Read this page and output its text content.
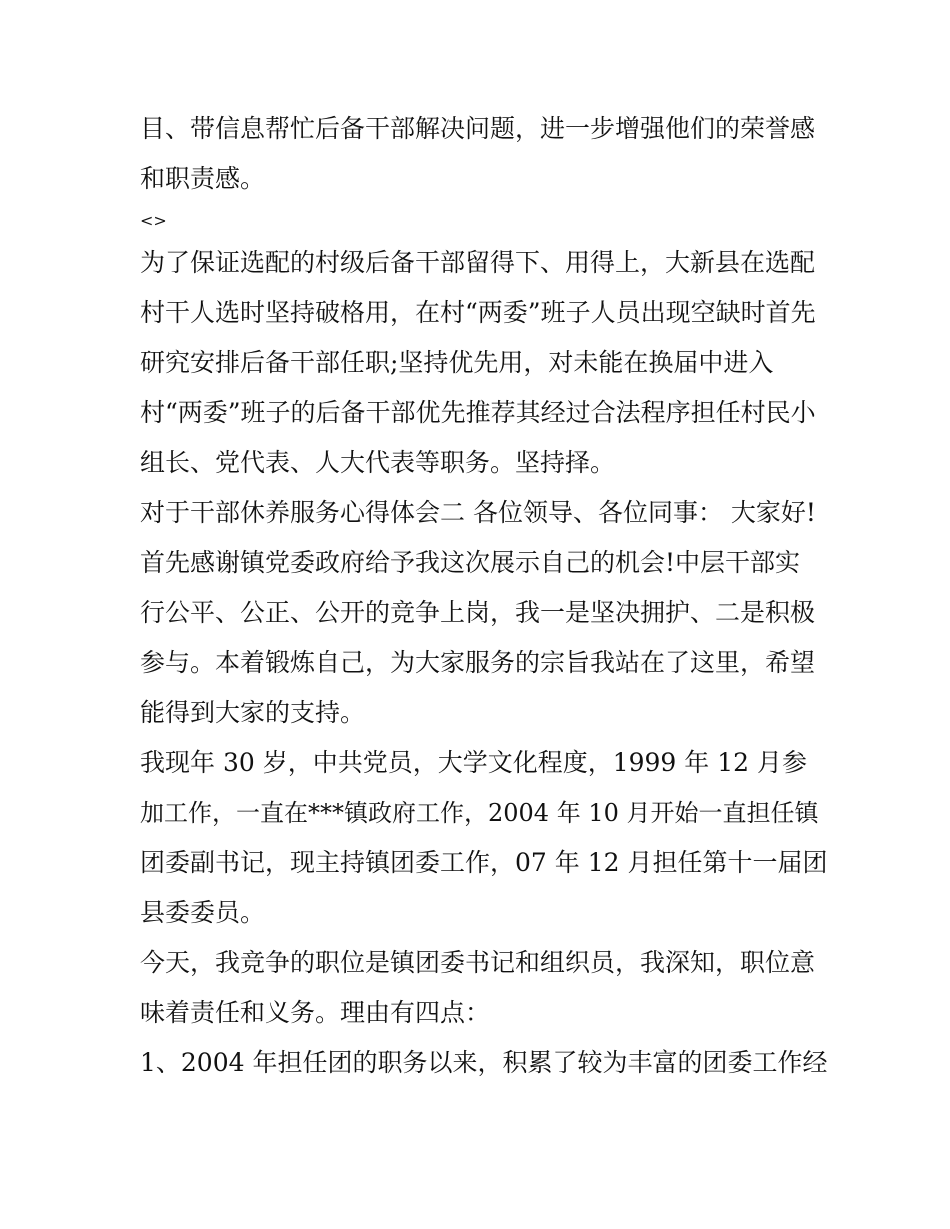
目、带信息帮忙后备干部解决问题，进一步增强他们的荣誉感
和职责感。
<>
为了保证选配的村级后备干部留得下、用得上，大新县在选配
村干人选时坚持破格用，在村“两委”班子人员出现空缺时首先
研究安排后备干部任职;坚持优先用，对未能在换届中进入
村“两委”班子的后备干部优先推荐其经过合法程序担任村民小
组长、党代表、人大代表等职务。坚持择。
对于干部休养服务心得体会二 各位领导、各位同事： 大家好!
首先感谢镇党委政府给予我这次展示自己的机会!中层干部实
行公平、公正、公开的竞争上岗，我一是坚决拥护、二是积极
参与。本着锻炼自己，为大家服务的宗旨我站在了这里，希望
能得到大家的支持。
我现年 30 岁，中共党员，大学文化程度，1999 年 12 月参
加工作，一直在***镇政府工作，2004 年 10 月开始一直担任镇
团委副书记，现主持镇团委工作，07 年 12 月担任第十一届团
县委委员。
今天，我竞争的职位是镇团委书记和组织员，我深知，职位意
味着责任和义务。理由有四点：
1、2004 年担任团的职务以来，积累了较为丰富的团委工作经
